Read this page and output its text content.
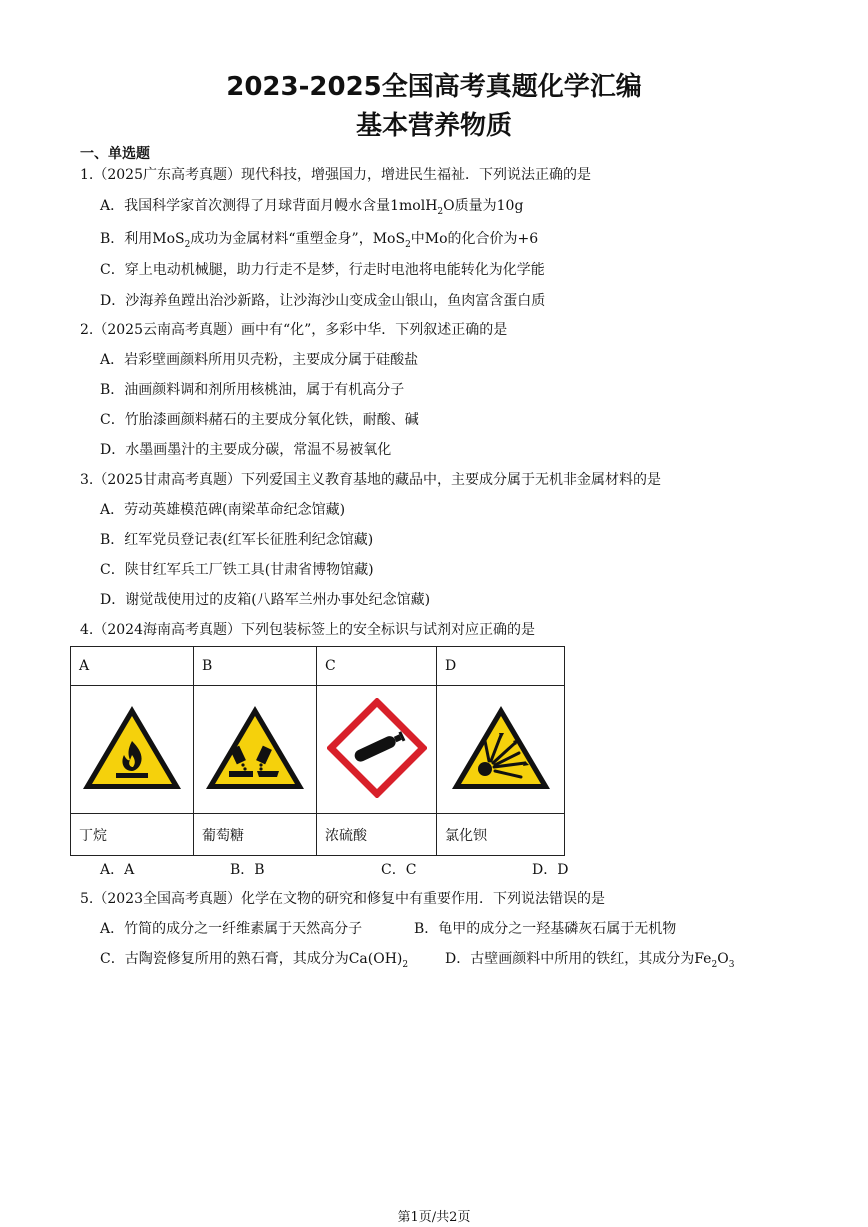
2023-2025全国高考真题化学汇编
基本营养物质
一、单选题
1.（2025广东高考真题）现代科技，增强国力，增进民生福祉．下列说法正确的是
A．我国科学家首次测得了月球背面月幔水含量1molH$_2$O质量为10g
B．利用MoS$_2$成功为金属材料“重塑金身”，MoS$_2$中Mo的化合价为+6
C．穿上电动机械腿，助力行走不是梦，行走时电池将电能转化为化学能
D．沙海养鱼蹚出治沙新路，让沙海沙山变成金山银山，鱼肉富含蛋白质
2.（2025云南高考真题）画中有“化”，多彩中华．下列叙述正确的是
A．岩彩壁画颜料所用贝壳粉，主要成分属于硅酸盐
B．油画颜料调和剂所用核桃油，属于有机高分子
C．竹胎漆画颜料赭石的主要成分氧化铁，耐酸、碱
D．水墨画墨汁的主要成分碳，常温不易被氧化
3.（2025甘肃高考真题）下列爱国主义教育基地的藏品中，主要成分属于无机非金属材料的是
A．劳动英雄模范碑(南梁革命纪念馆藏)
B．红军党员登记表(红军长征胜利纪念馆藏)
C．陕甘红军兵工厂铁工具(甘肃省博物馆藏)
D．谢觉哉使用过的皮箱(八路军兰州办事处纪念馆藏)
4.（2024海南高考真题）下列包装标签上的安全标识与试剂对应正确的是
A	B	C	D

丁烷	葡萄糖	浓硫酸	氯化钡
A．A	B．B	C．C	D．D
5.（2023全国高考真题）化学在文物的研究和修复中有重要作用．下列说法错误的是
A．竹简的成分之一纤维素属于天然高分子	B．龟甲的成分之一羟基磷灰石属于无机物
C．古陶瓷修复所用的熟石膏，其成分为$Ca(OH)_2$	D．古壁画颜料中所用的铁红，其成分为$Fe_2O_3$
第1页/共2页
